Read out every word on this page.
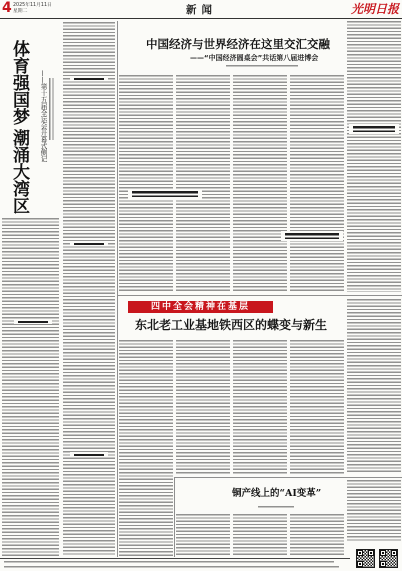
4 2025年11月11日
星期二	新闻	光明日报
体育强国梦
潮涌大湾区
——第十五届全运会开幕式侧记
中国经济与世界经济在这里交汇交融
——“中国经济圆桌会”共话第八届进博会
四中全会精神在基层
东北老工业基地铁西区的蝶变与新生
铜产线上的“AI变革”
